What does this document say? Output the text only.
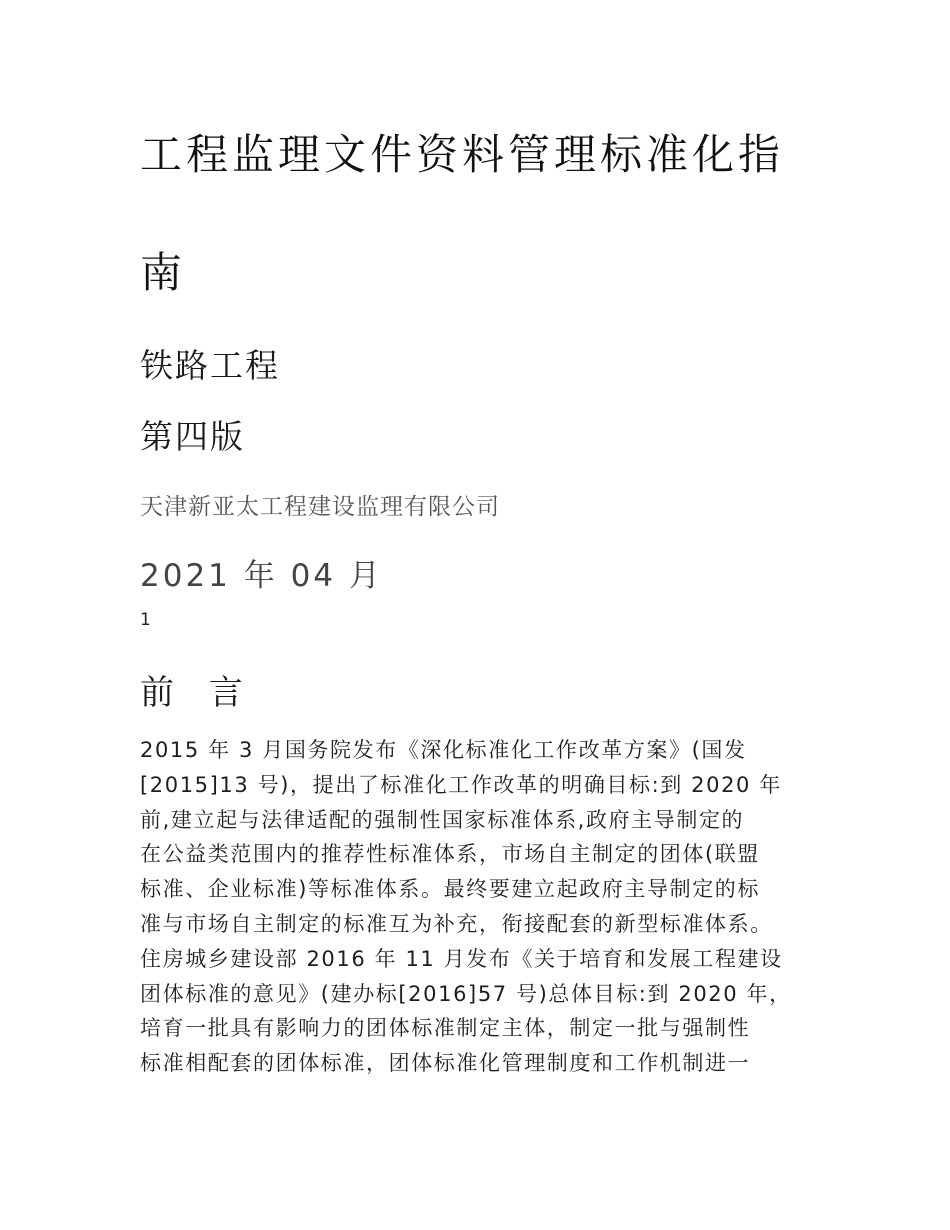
工程监理文件资料管理标准化指
南
铁路工程
第四版
天津新亚太工程建设监理有限公司
2021 年 04 月
1
前 言
2015 年 3 月国务院发布《深化标准化工作改革方案》(国发
[2015]13 号)，提出了标准化工作改革的明确目标:到 2020 年
前,建立起与法律适配的强制性国家标准体系,政府主导制定的
在公益类范围内的推荐性标准体系，市场自主制定的团体(联盟
标准、企业标准)等标准体系。最终要建立起政府主导制定的标
准与市场自主制定的标准互为补充，衔接配套的新型标准体系。
住房城乡建设部 2016 年 11 月发布《关于培育和发展工程建设
团体标准的意见》(建办标[2016]57 号)总体目标:到 2020 年，
培育一批具有影响力的团体标准制定主体，制定一批与强制性
标准相配套的团体标准，团体标准化管理制度和工作机制进一
